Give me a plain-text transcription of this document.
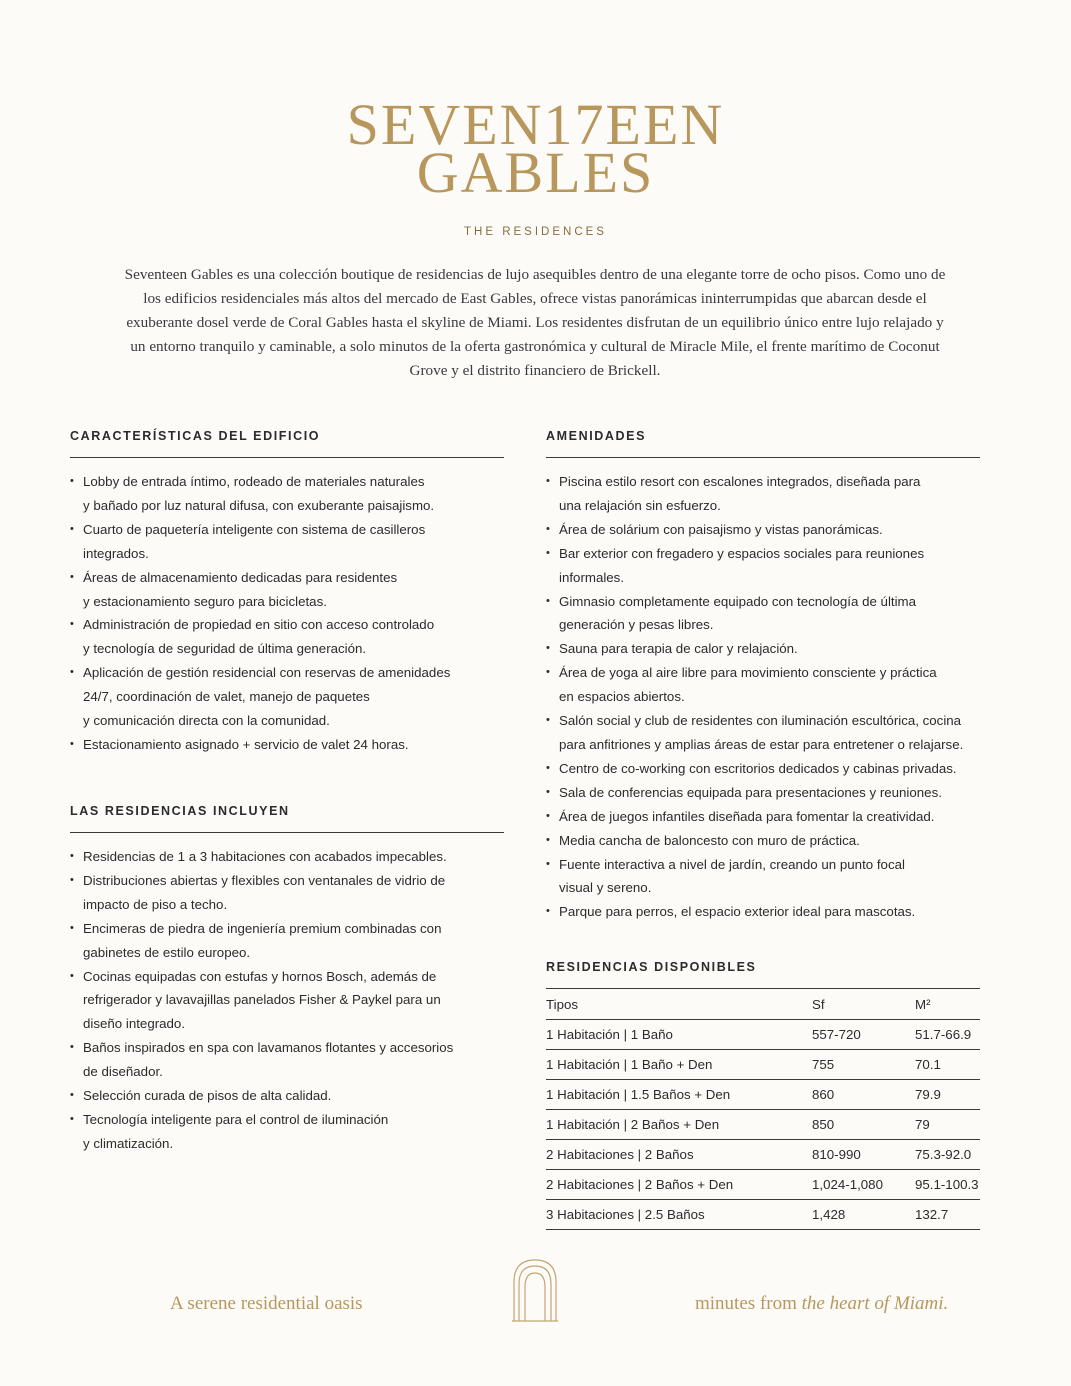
SEVEN17EEN
GABLES
THE RESIDENCES
Seventeen Gables es una colección boutique de residencias de lujo asequibles dentro de una elegante torre de ocho pisos. Como uno de los edificios residenciales más altos del mercado de East Gables, ofrece vistas panorámicas ininterrumpidas que abarcan desde el exuberante dosel verde de Coral Gables hasta el skyline de Miami. Los residentes disfrutan de un equilibrio único entre lujo relajado y un entorno tranquilo y caminable, a solo minutos de la oferta gastronómica y cultural de Miracle Mile, el frente marítimo de Coconut Grove y el distrito financiero de Brickell.
CARACTERÍSTICAS DEL EDIFICIO
• Lobby de entrada íntimo, rodeado de materiales naturales
y bañado por luz natural difusa, con exuberante paisajismo.
• Cuarto de paquetería inteligente con sistema de casilleros
integrados.
• Áreas de almacenamiento dedicadas para residentes
y estacionamiento seguro para bicicletas.
• Administración de propiedad en sitio con acceso controlado
y tecnología de seguridad de última generación.
• Aplicación de gestión residencial con reservas de amenidades
24/7, coordinación de valet, manejo de paquetes
y comunicación directa con la comunidad.
• Estacionamiento asignado + servicio de valet 24 horas.
LAS RESIDENCIAS INCLUYEN
• Residencias de 1 a 3 habitaciones con acabados impecables.
• Distribuciones abiertas y flexibles con ventanales de vidrio de
impacto de piso a techo.
• Encimeras de piedra de ingeniería premium combinadas con
gabinetes de estilo europeo.
• Cocinas equipadas con estufas y hornos Bosch, además de
refrigerador y lavavajillas panelados Fisher & Paykel para un
diseño integrado.
• Baños inspirados en spa con lavamanos flotantes y accesorios
de diseñador.
• Selección curada de pisos de alta calidad.
• Tecnología inteligente para el control de iluminación
y climatización.
AMENIDADES
• Piscina estilo resort con escalones integrados, diseñada para
una relajación sin esfuerzo.
• Área de solárium con paisajismo y vistas panorámicas.
• Bar exterior con fregadero y espacios sociales para reuniones
informales.
• Gimnasio completamente equipado con tecnología de última
generación y pesas libres.
• Sauna para terapia de calor y relajación.
• Área de yoga al aire libre para movimiento consciente y práctica
en espacios abiertos.
• Salón social y club de residentes con iluminación escultórica, cocina
para anfitriones y amplias áreas de estar para entretener o relajarse.
• Centro de co-working con escritorios dedicados y cabinas privadas.
• Sala de conferencias equipada para presentaciones y reuniones.
• Área de juegos infantiles diseñada para fomentar la creatividad.
• Media cancha de baloncesto con muro de práctica.
• Fuente interactiva a nivel de jardín, creando un punto focal
visual y sereno.
• Parque para perros, el espacio exterior ideal para mascotas.
RESIDENCIAS DISPONIBLES
Tipos	Sf	M²
1 Habitación | 1 Baño	557-720	51.7-66.9
1 Habitación | 1 Baño + Den	755	70.1
1 Habitación | 1.5 Baños + Den	860	79.9
1 Habitación | 2 Baños + Den	850	79
2 Habitaciones | 2 Baños	810-990	75.3-92.0
2 Habitaciones | 2 Baños + Den	1,024-1,080	95.1-100.3
3 Habitaciones | 2.5 Baños	1,428	132.7
A serene residential oasis	minutes from the heart of Miami.
